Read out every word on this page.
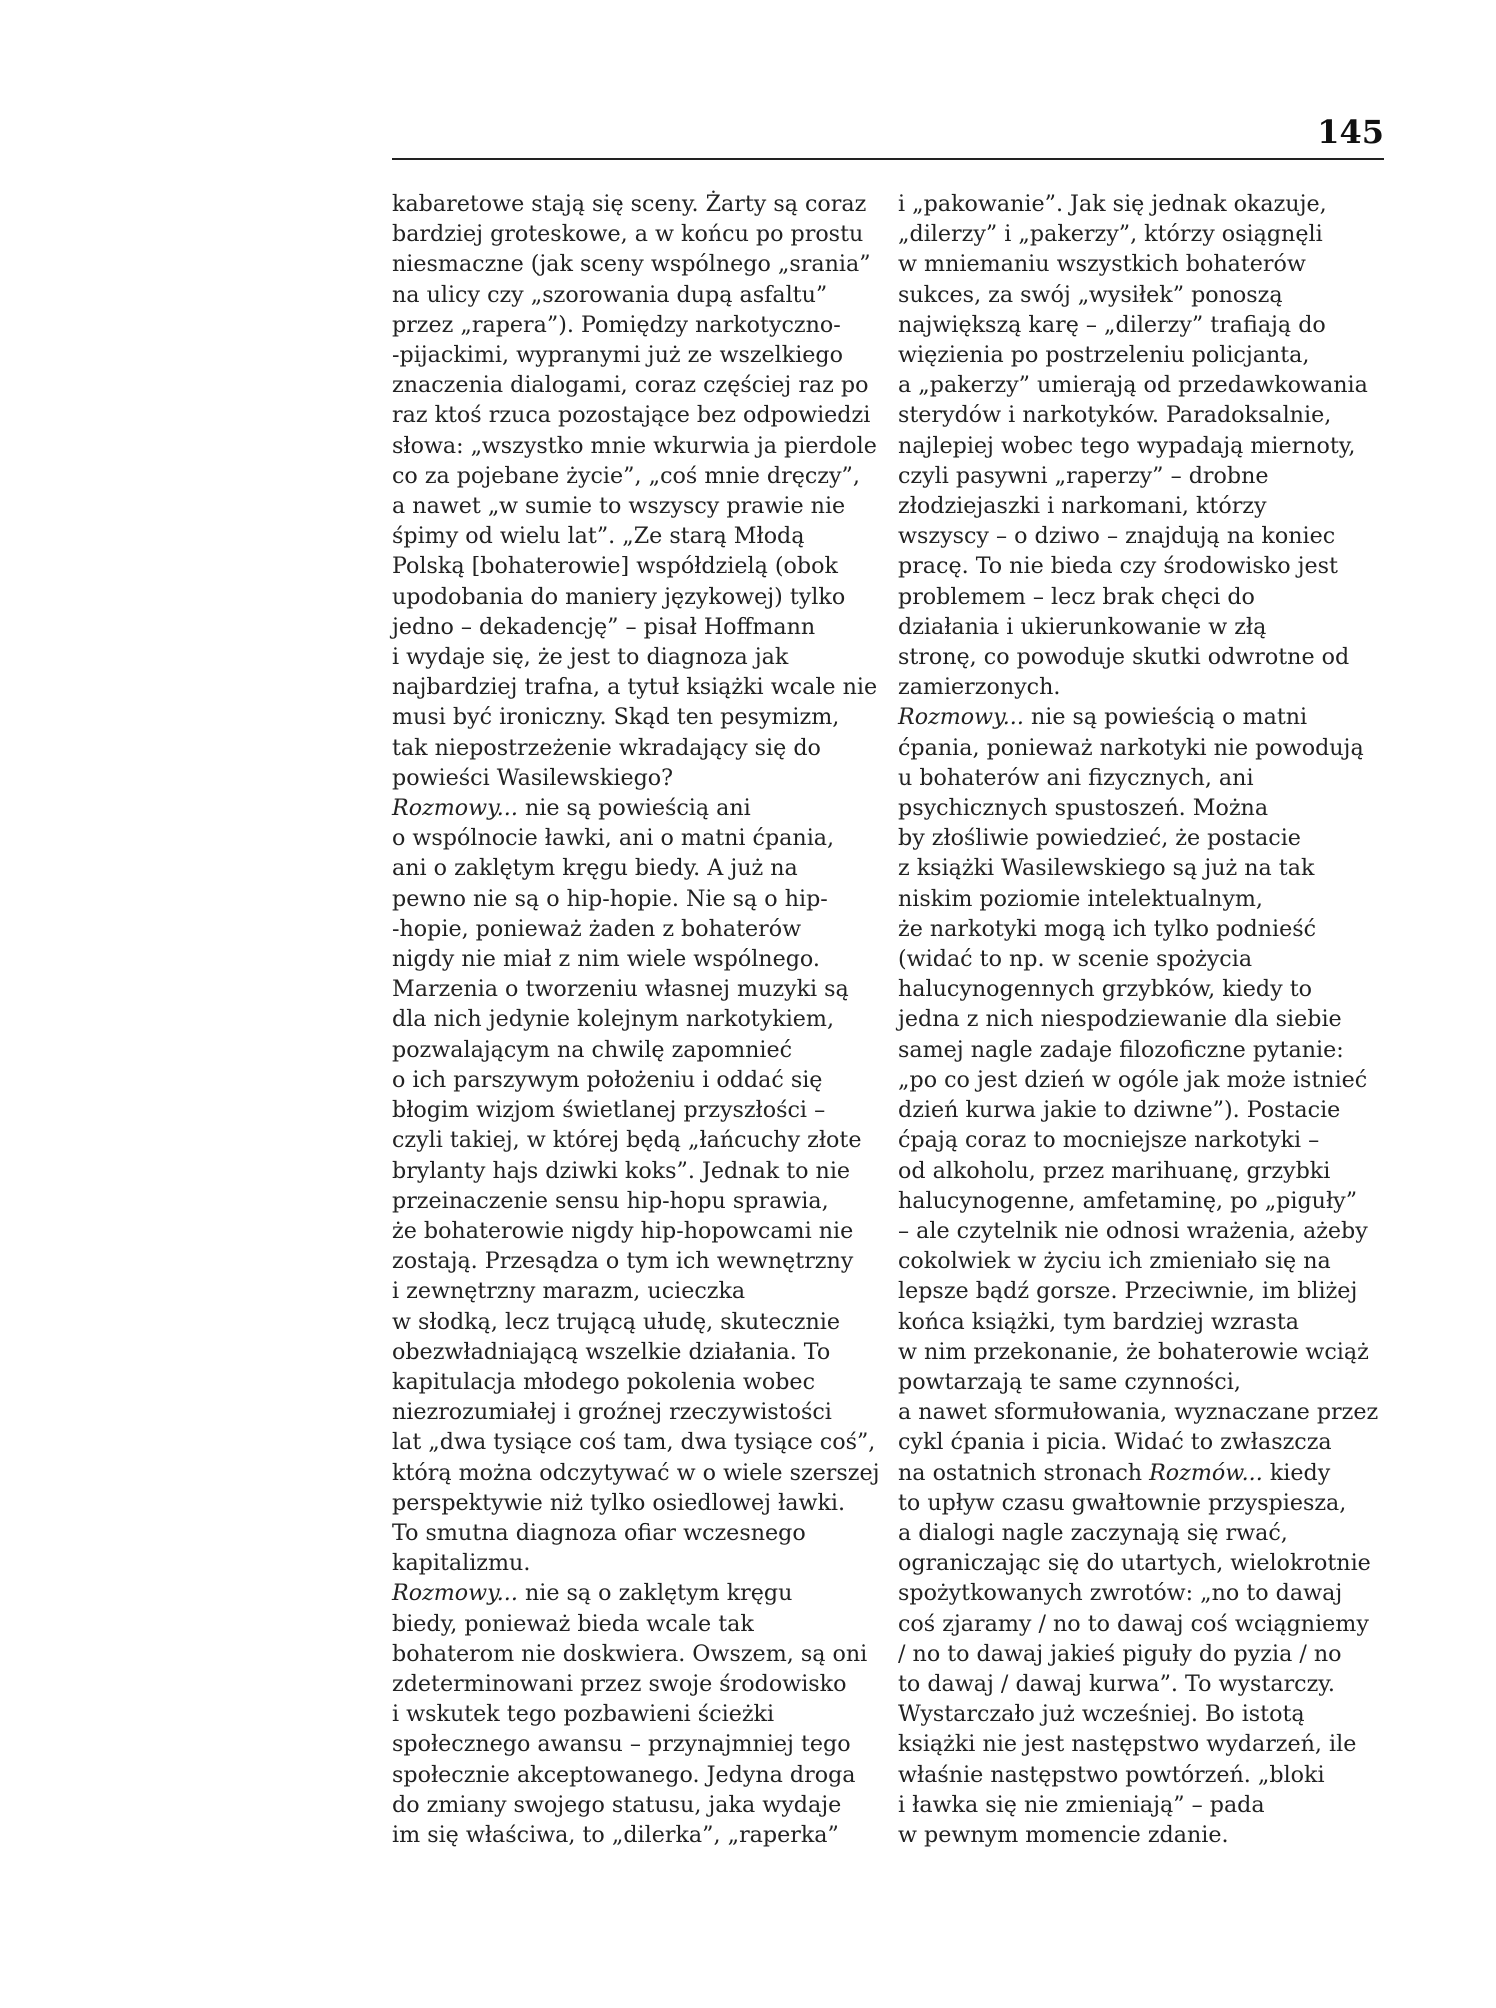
145
kabaretowe stają się sceny. Żarty są coraz
bardziej groteskowe, a w końcu po prostu
niesmaczne (jak sceny wspólnego „srania”
na ulicy czy „szorowania dupą asfaltu”
przez „rapera”). Pomiędzy narkotyczno-
-pijackimi, wypranymi już ze wszelkiego
znaczenia dialogami, coraz częściej raz po
raz ktoś rzuca pozostające bez odpowiedzi
słowa: „wszystko mnie wkurwia ja pierdole
co za pojebane życie”, „coś mnie dręczy”,
a nawet „w sumie to wszyscy prawie nie
śpimy od wielu lat”. „Ze starą Młodą
Polską [bohaterowie] współdzielą (obok
upodobania do maniery językowej) tylko
jedno – dekadencję” – pisał Hoffmann
i wydaje się, że jest to diagnoza jak
najbardziej trafna, a tytuł książki wcale nie
musi być ironiczny. Skąd ten pesymizm,
tak niepostrzeżenie wkradający się do
powieści Wasilewskiego?
Rozmowy... nie są powieścią ani
o wspólnocie ławki, ani o matni ćpania,
ani o zaklętym kręgu biedy. A już na
pewno nie są o hip-hopie. Nie są o hip-
-hopie, ponieważ żaden z bohaterów
nigdy nie miał z nim wiele wspólnego.
Marzenia o tworzeniu własnej muzyki są
dla nich jedynie kolejnym narkotykiem,
pozwalającym na chwilę zapomnieć
o ich parszywym położeniu i oddać się
błogim wizjom świetlanej przyszłości –
czyli takiej, w której będą „łańcuchy złote
brylanty hajs dziwki koks”. Jednak to nie
przeinaczenie sensu hip-hopu sprawia,
że bohaterowie nigdy hip-hopowcami nie
zostają. Przesądza o tym ich wewnętrzny
i zewnętrzny marazm, ucieczka
w słodką, lecz trującą ułudę, skutecznie
obezwładniającą wszelkie działania. To
kapitulacja młodego pokolenia wobec
niezrozumiałej i groźnej rzeczywistości
lat „dwa tysiące coś tam, dwa tysiące coś”,
którą można odczytywać w o wiele szerszej
perspektywie niż tylko osiedlowej ławki.
To smutna diagnoza ofiar wczesnego
kapitalizmu.
Rozmowy... nie są o zaklętym kręgu
biedy, ponieważ bieda wcale tak
bohaterom nie doskwiera. Owszem, są oni
zdeterminowani przez swoje środowisko
i wskutek tego pozbawieni ścieżki
społecznego awansu – przynajmniej tego
społecznie akceptowanego. Jedyna droga
do zmiany swojego statusu, jaka wydaje
im się właściwa, to „dilerka”, „raperka”
i „pakowanie”. Jak się jednak okazuje,
„dilerzy” i „pakerzy”, którzy osiągnęli
w mniemaniu wszystkich bohaterów
sukces, za swój „wysiłek” ponoszą
największą karę – „dilerzy” trafiają do
więzienia po postrzeleniu policjanta,
a „pakerzy” umierają od przedawkowania
sterydów i narkotyków. Paradoksalnie,
najlepiej wobec tego wypadają miernoty,
czyli pasywni „raperzy” – drobne
złodziejaszki i narkomani, którzy
wszyscy – o dziwo – znajdują na koniec
pracę. To nie bieda czy środowisko jest
problemem – lecz brak chęci do
działania i ukierunkowanie w złą
stronę, co powoduje skutki odwrotne od
zamierzonych.
Rozmowy... nie są powieścią o matni
ćpania, ponieważ narkotyki nie powodują
u bohaterów ani fizycznych, ani
psychicznych spustoszeń. Można
by złośliwie powiedzieć, że postacie
z książki Wasilewskiego są już na tak
niskim poziomie intelektualnym,
że narkotyki mogą ich tylko podnieść
(widać to np. w scenie spożycia
halucynogennych grzybków, kiedy to
jedna z nich niespodziewanie dla siebie
samej nagle zadaje filozoficzne pytanie:
„po co jest dzień w ogóle jak może istnieć
dzień kurwa jakie to dziwne”). Postacie
ćpają coraz to mocniejsze narkotyki –
od alkoholu, przez marihuanę, grzybki
halucynogenne, amfetaminę, po „piguły”
– ale czytelnik nie odnosi wrażenia, ażeby
cokolwiek w życiu ich zmieniało się na
lepsze bądź gorsze. Przeciwnie, im bliżej
końca książki, tym bardziej wzrasta
w nim przekonanie, że bohaterowie wciąż
powtarzają te same czynności,
a nawet sformułowania, wyznaczane przez
cykl ćpania i picia. Widać to zwłaszcza
na ostatnich stronach Rozmów... kiedy
to upływ czasu gwałtownie przyspiesza,
a dialogi nagle zaczynają się rwać,
ograniczając się do utartych, wielokrotnie
spożytkowanych zwrotów: „no to dawaj
coś zjaramy / no to dawaj coś wciągniemy
/ no to dawaj jakieś piguły do pyzia / no
to dawaj / dawaj kurwa”. To wystarczy.
Wystarczało już wcześniej. Bo istotą
książki nie jest następstwo wydarzeń, ile
właśnie następstwo powtórzeń. „bloki
i ławka się nie zmieniają” – pada
w pewnym momencie zdanie.
